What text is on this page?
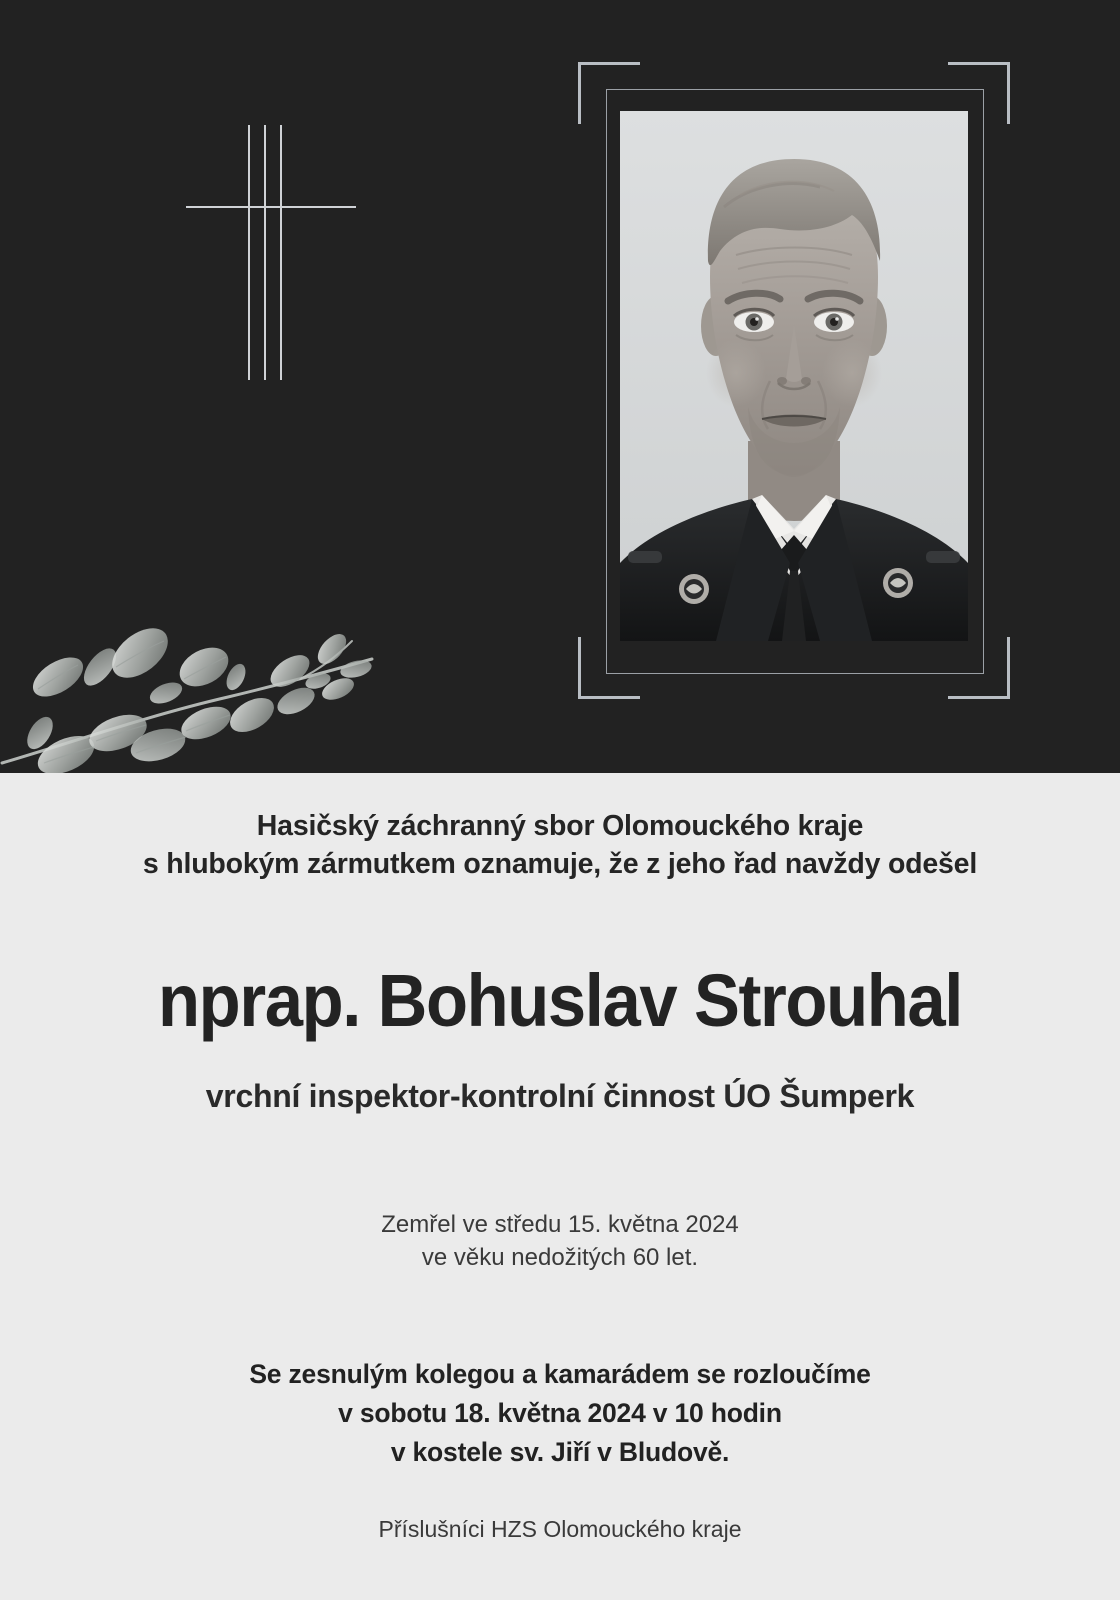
Hasičský záchranný sbor Olomouckého kraje
s hlubokým zármutkem oznamuje, že z jeho řad navždy odešel
nprap. Bohuslav Strouhal
vrchní inspektor-kontrolní činnost ÚO Šumperk
Zemřel ve středu 15. května 2024
ve věku nedožitých 60 let.
Se zesnulým kolegou a kamarádem se rozloučíme
v sobotu 18. května 2024 v 10 hodin
v kostele sv. Jiří v Bludově.
Příslušníci HZS Olomouckého kraje
